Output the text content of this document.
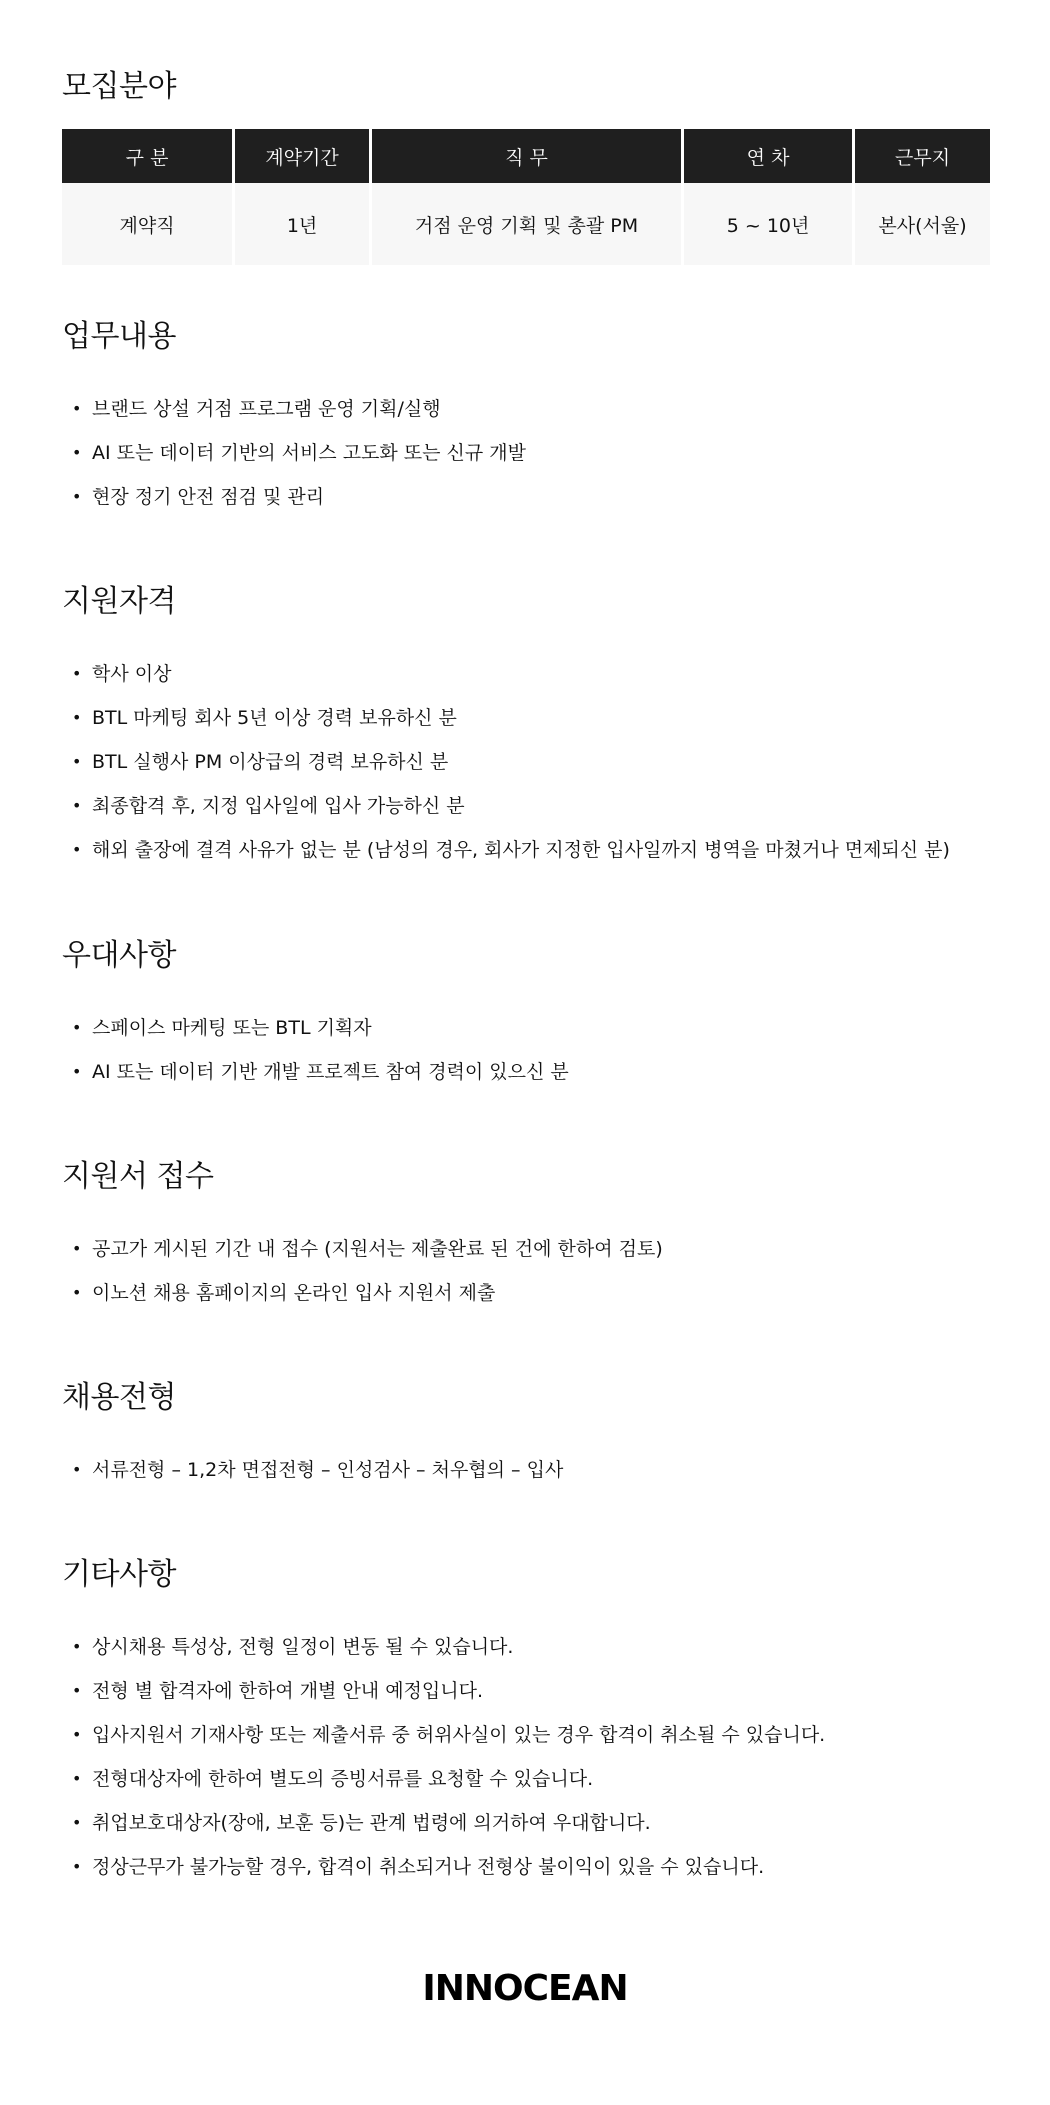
모집분야
구 분	계약기간	직 무	연 차	근무지
계약직	1년	거점 운영 기획 및 총괄 PM	5 ~ 10년	본사(서울)
업무내용
• 브랜드 상설 거점 프로그램 운영 기획/실행
• AI 또는 데이터 기반의 서비스 고도화 또는 신규 개발
• 현장 정기 안전 점검 및 관리
지원자격
• 학사 이상
• BTL 마케팅 회사 5년 이상 경력 보유하신 분
• BTL 실행사 PM 이상급의 경력 보유하신 분
• 최종합격 후, 지정 입사일에 입사 가능하신 분
• 해외 출장에 결격 사유가 없는 분 (남성의 경우, 회사가 지정한 입사일까지 병역을 마쳤거나 면제되신 분)
우대사항
• 스페이스 마케팅 또는 BTL 기획자
• AI 또는 데이터 기반 개발 프로젝트 참여 경력이 있으신 분
지원서 접수
• 공고가 게시된 기간 내 접수 (지원서는 제출완료 된 건에 한하여 검토)
• 이노션 채용 홈페이지의 온라인 입사 지원서 제출
채용전형
• 서류전형 – 1,2차 면접전형 – 인성검사 – 처우협의 – 입사
기타사항
• 상시채용 특성상, 전형 일정이 변동 될 수 있습니다.
• 전형 별 합격자에 한하여 개별 안내 예정입니다.
• 입사지원서 기재사항 또는 제출서류 중 허위사실이 있는 경우 합격이 취소될 수 있습니다.
• 전형대상자에 한하여 별도의 증빙서류를 요청할 수 있습니다.
• 취업보호대상자(장애, 보훈 등)는 관계 법령에 의거하여 우대합니다.
• 정상근무가 불가능할 경우, 합격이 취소되거나 전형상 불이익이 있을 수 있습니다.
INNOCEAN
